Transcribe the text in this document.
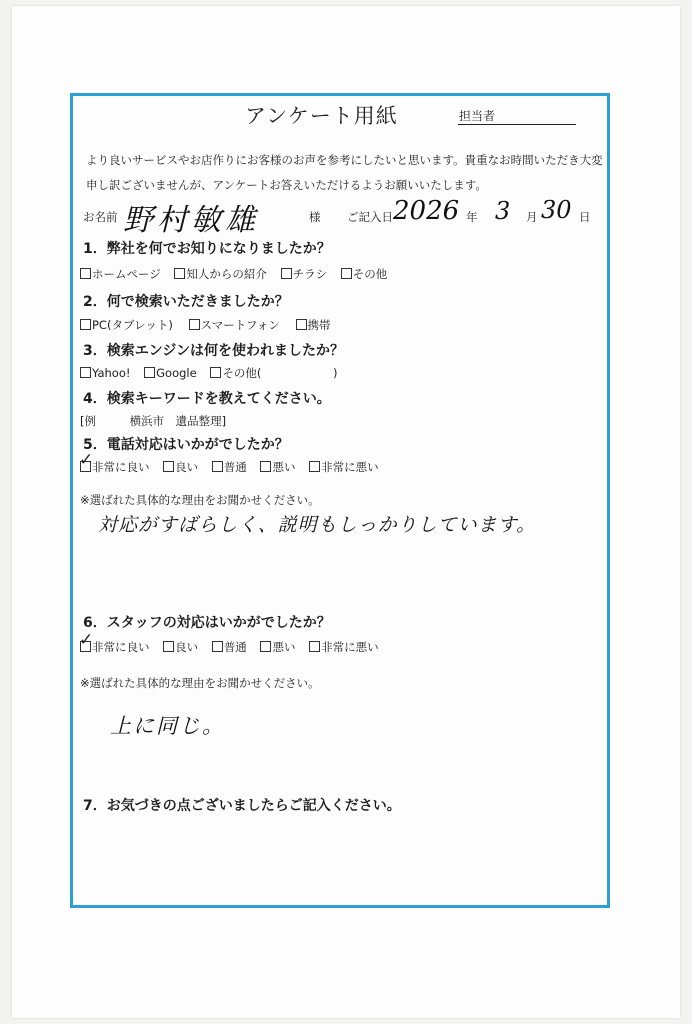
アンケート用紙	担当者
より良いサービスやお店作りにお客様のお声を参考にしたいと思います。貴重なお時間いただき大変
申し訳ございませんが、アンケートお答えいただけるようお願いいたします。
お名前 野村敏雄	様 ご記入日 2026 年 3 月 30 日
1．弊社を何でお知りになりましたか？
ホームページ 知人からの紹介 チラシ その他
2．何で検索いただきましたか？
PC(タブレット) スマートフォン 携帯
3．検索エンジンは何を使われましたか？
Yahoo! Google その他(	)
4．検索キーワードを教えてください。
[例	横浜市　遺品整理]
5．電話対応はいかがでしたか？
非常に良い 良い 普通 悪い 非常に悪い
✓
※選ばれた具体的な理由をお聞かせください。
対応がすばらしく、説明もしっかりしています。
6．スタッフの対応はいかがでしたか？
非常に良い 良い 普通 悪い 非常に悪い
✓
※選ばれた具体的な理由をお聞かせください。
上に同じ。
7．お気づきの点ございましたらご記入ください。
